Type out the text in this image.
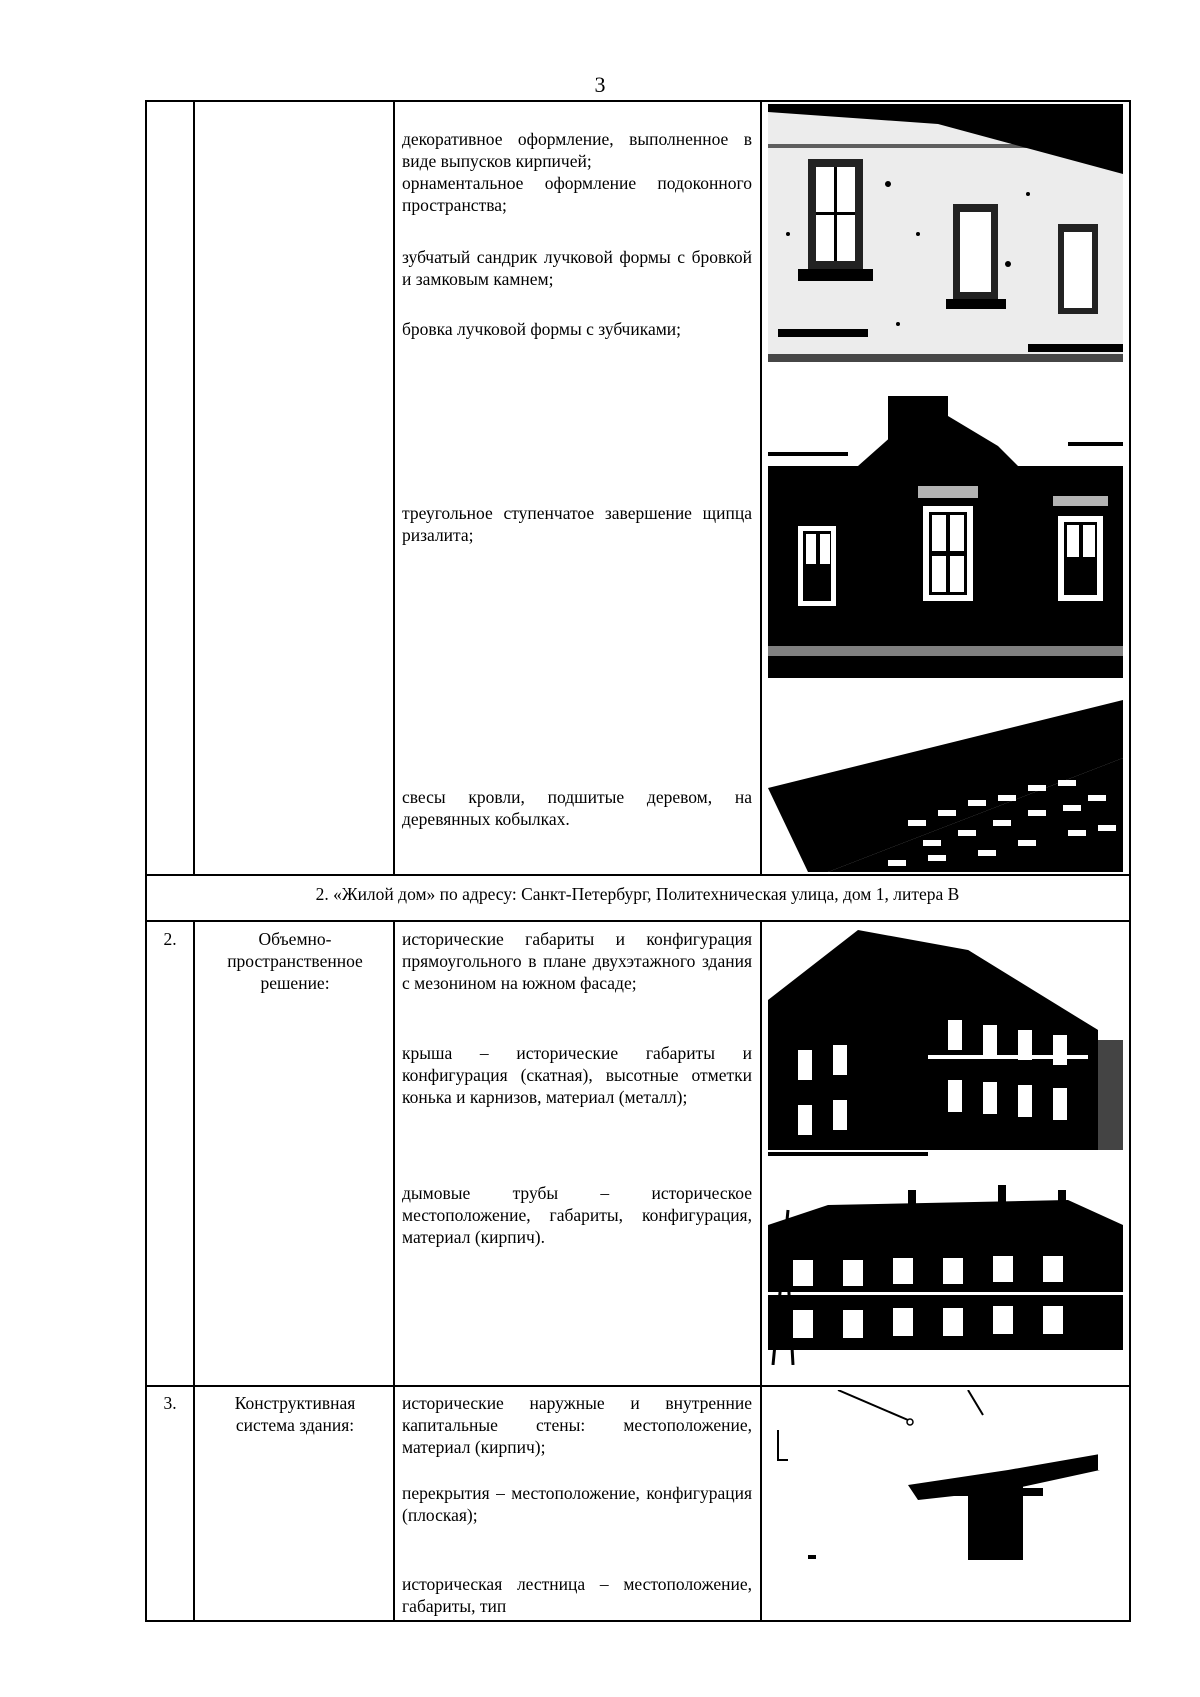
3

декоративное оформление, выполненное в виде выпусков кирпичей;

орнаментальное оформление подоконного пространства;

зубчатый сандрик лучковой формы с бровкой и замковым камнем;

бровка лучковой формы с зубчиками;

треугольное ступенчатое завершение щипца ризалита;

свесы кровли, подшитые деревом, на деревянных кобылках.

2. «Жилой дом» по адресу: Санкт-Петербург, Политехническая улица, дом 1, литера В
2.	Объемно-пространственное решение:

исторические габариты и конфигурация прямоугольного в плане двухэтажного здания с мезонином на южном фасаде;

крыша – исторические габариты и конфигурация (скатная), высотные отметки конька и карнизов, материал (металл);

дымовые трубы – историческое местоположение, габариты, конфигурация, материал (кирпич).

3.	Конструктивная система здания:

исторические наружные и внутренние капитальные стены: местоположение, материал (кирпич);

перекрытия – местоположение, конфигурация (плоская);

историческая лестница – местоположение, габариты, тип
